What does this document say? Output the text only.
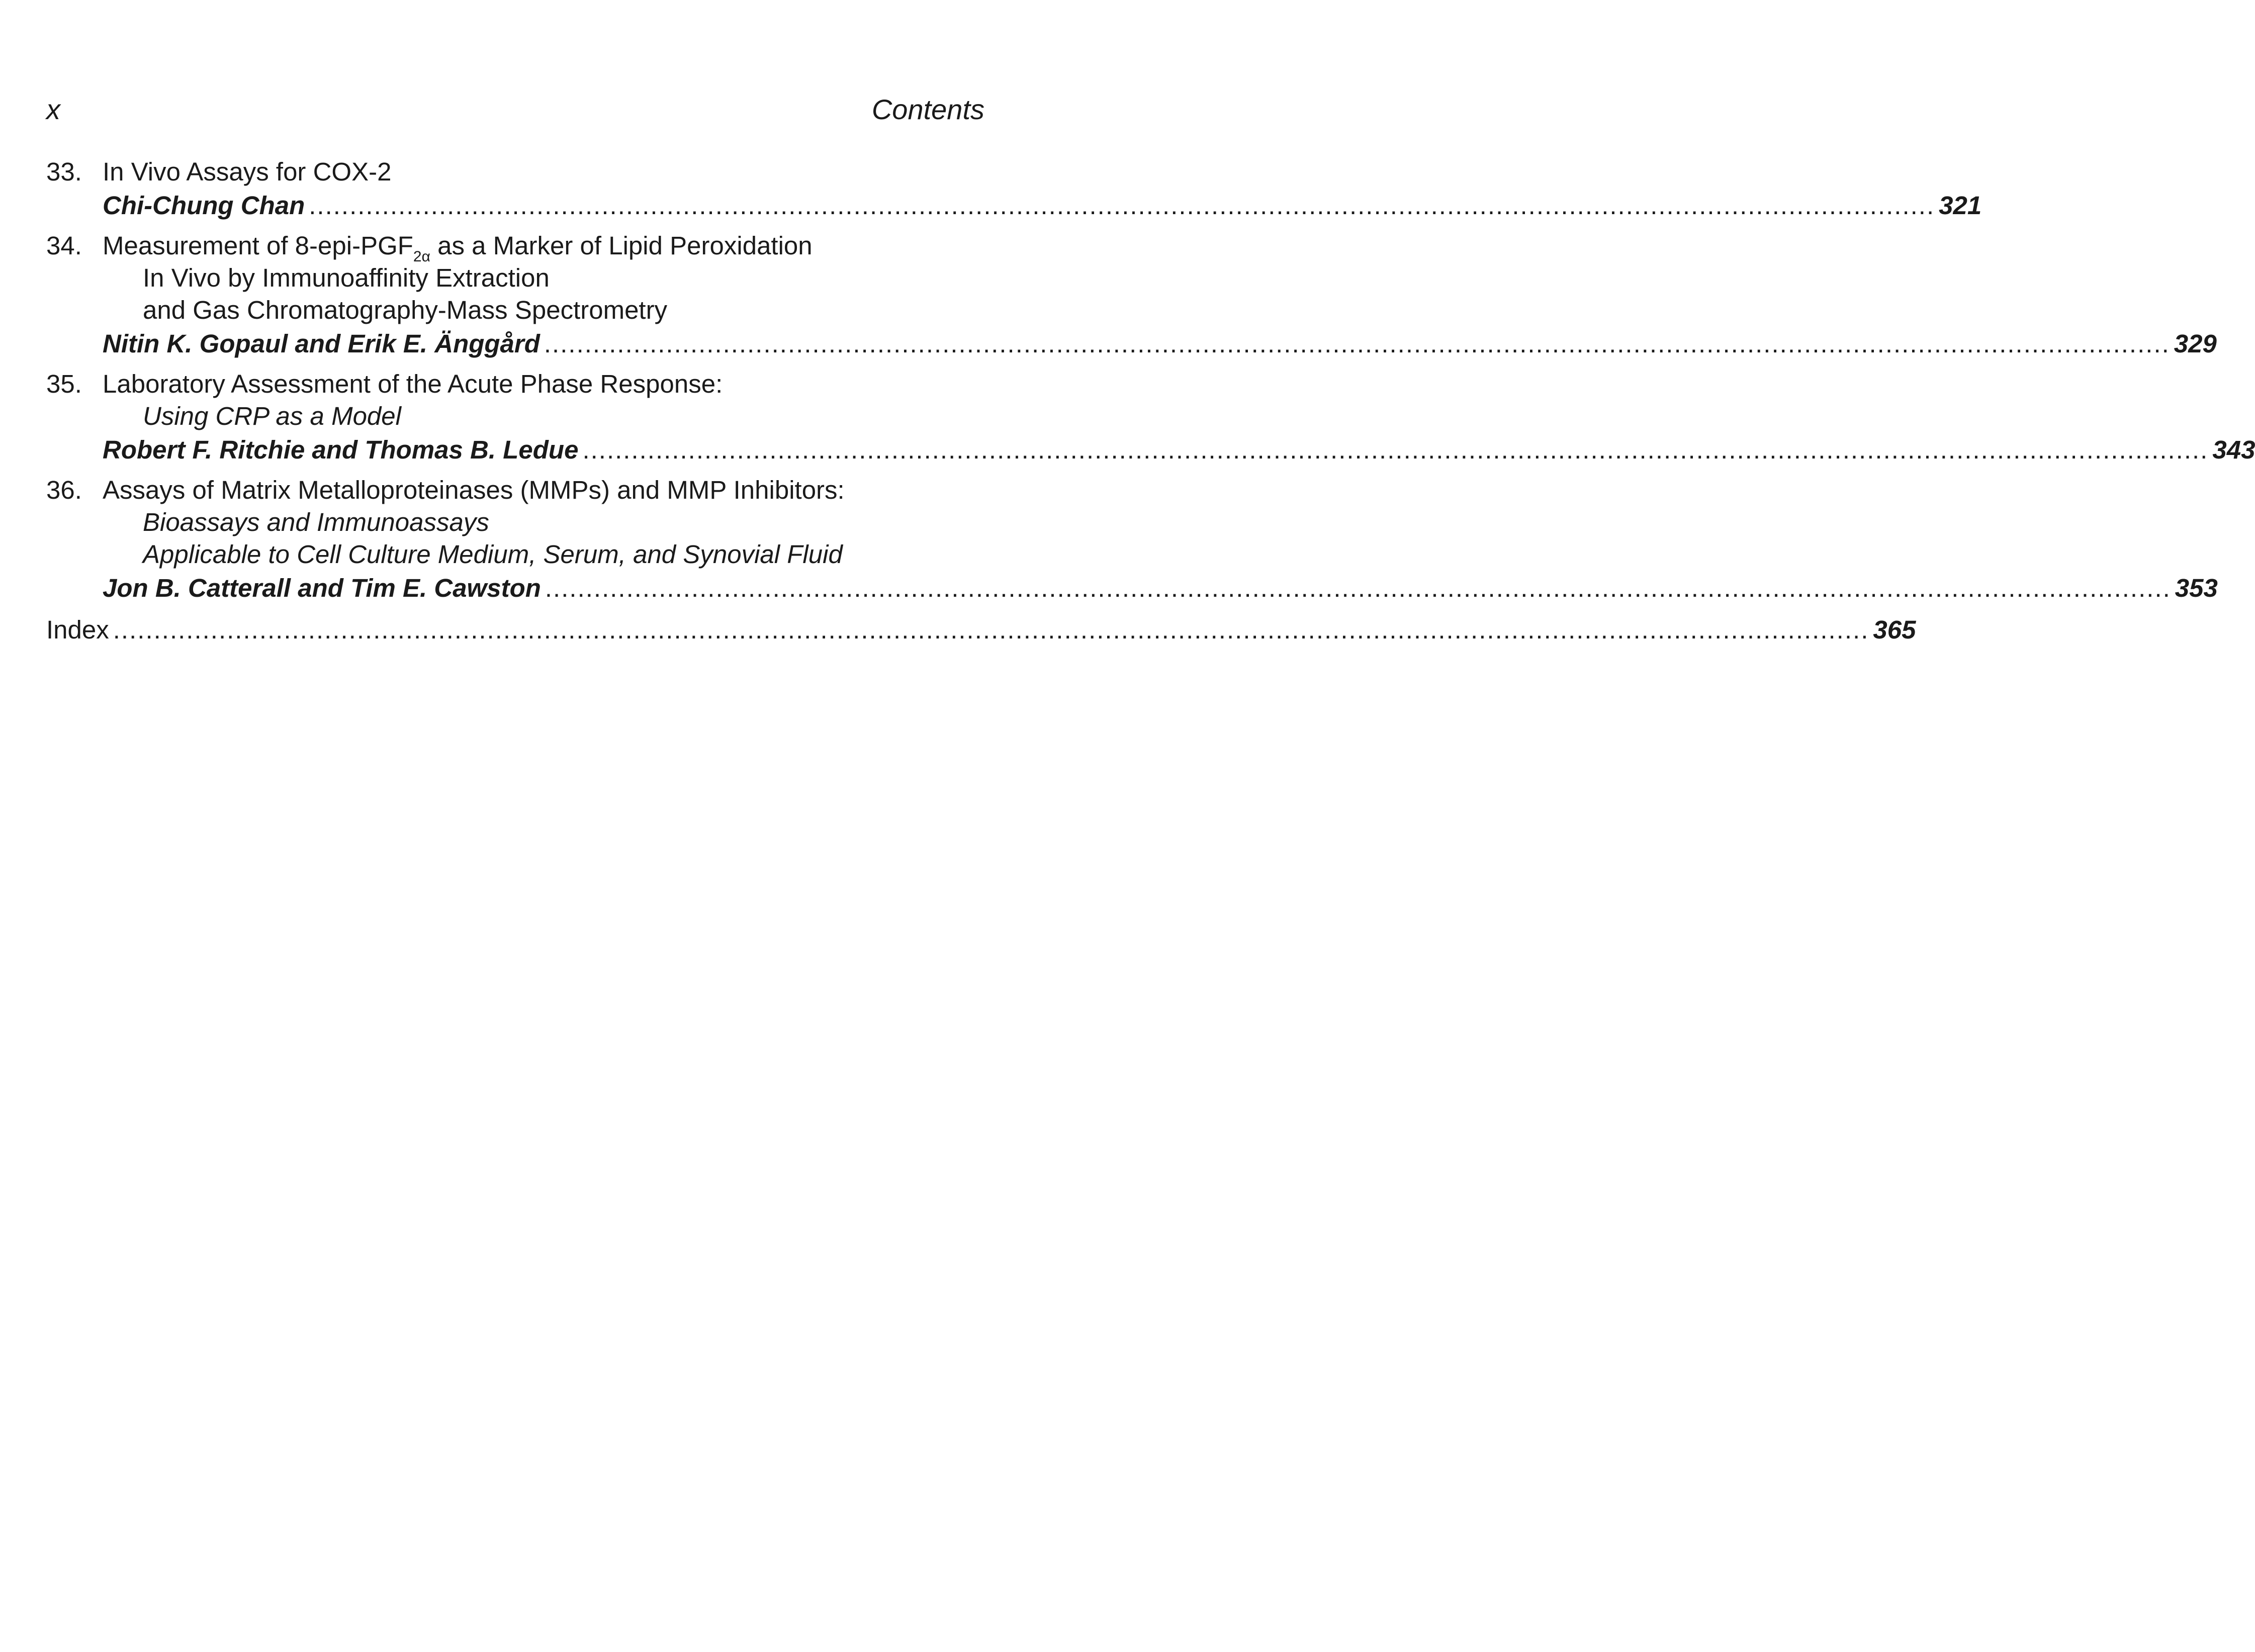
x	Contents
33. In Vivo Assays for COX-2
Chi-Chung Chan ........................................................................................................................................................................................................ 321
34. Measurement of $8-epi-PGF_{2\alpha}$ as a Marker of Lipid Peroxidation
In Vivo by Immunoaffinity Extraction
and Gas Chromatography-Mass Spectrometry
Nitin K. Gopaul and Erik E. Änggård ........................................................................................................................................................................................................ 329
35. Laboratory Assessment of the Acute Phase Response:
Using CRP as a Model
Robert F. Ritchie and Thomas B. Ledue ........................................................................................................................................................................................................ 343
36. Assays of Matrix Metalloproteinases (MMPs) and MMP Inhibitors:
Bioassays and Immunoassays
Applicable to Cell Culture Medium, Serum, and Synovial Fluid
Jon B. Catterall and Tim E. Cawston ........................................................................................................................................................................................................ 353
Index ........................................................................................................................................................................................................................ 365
